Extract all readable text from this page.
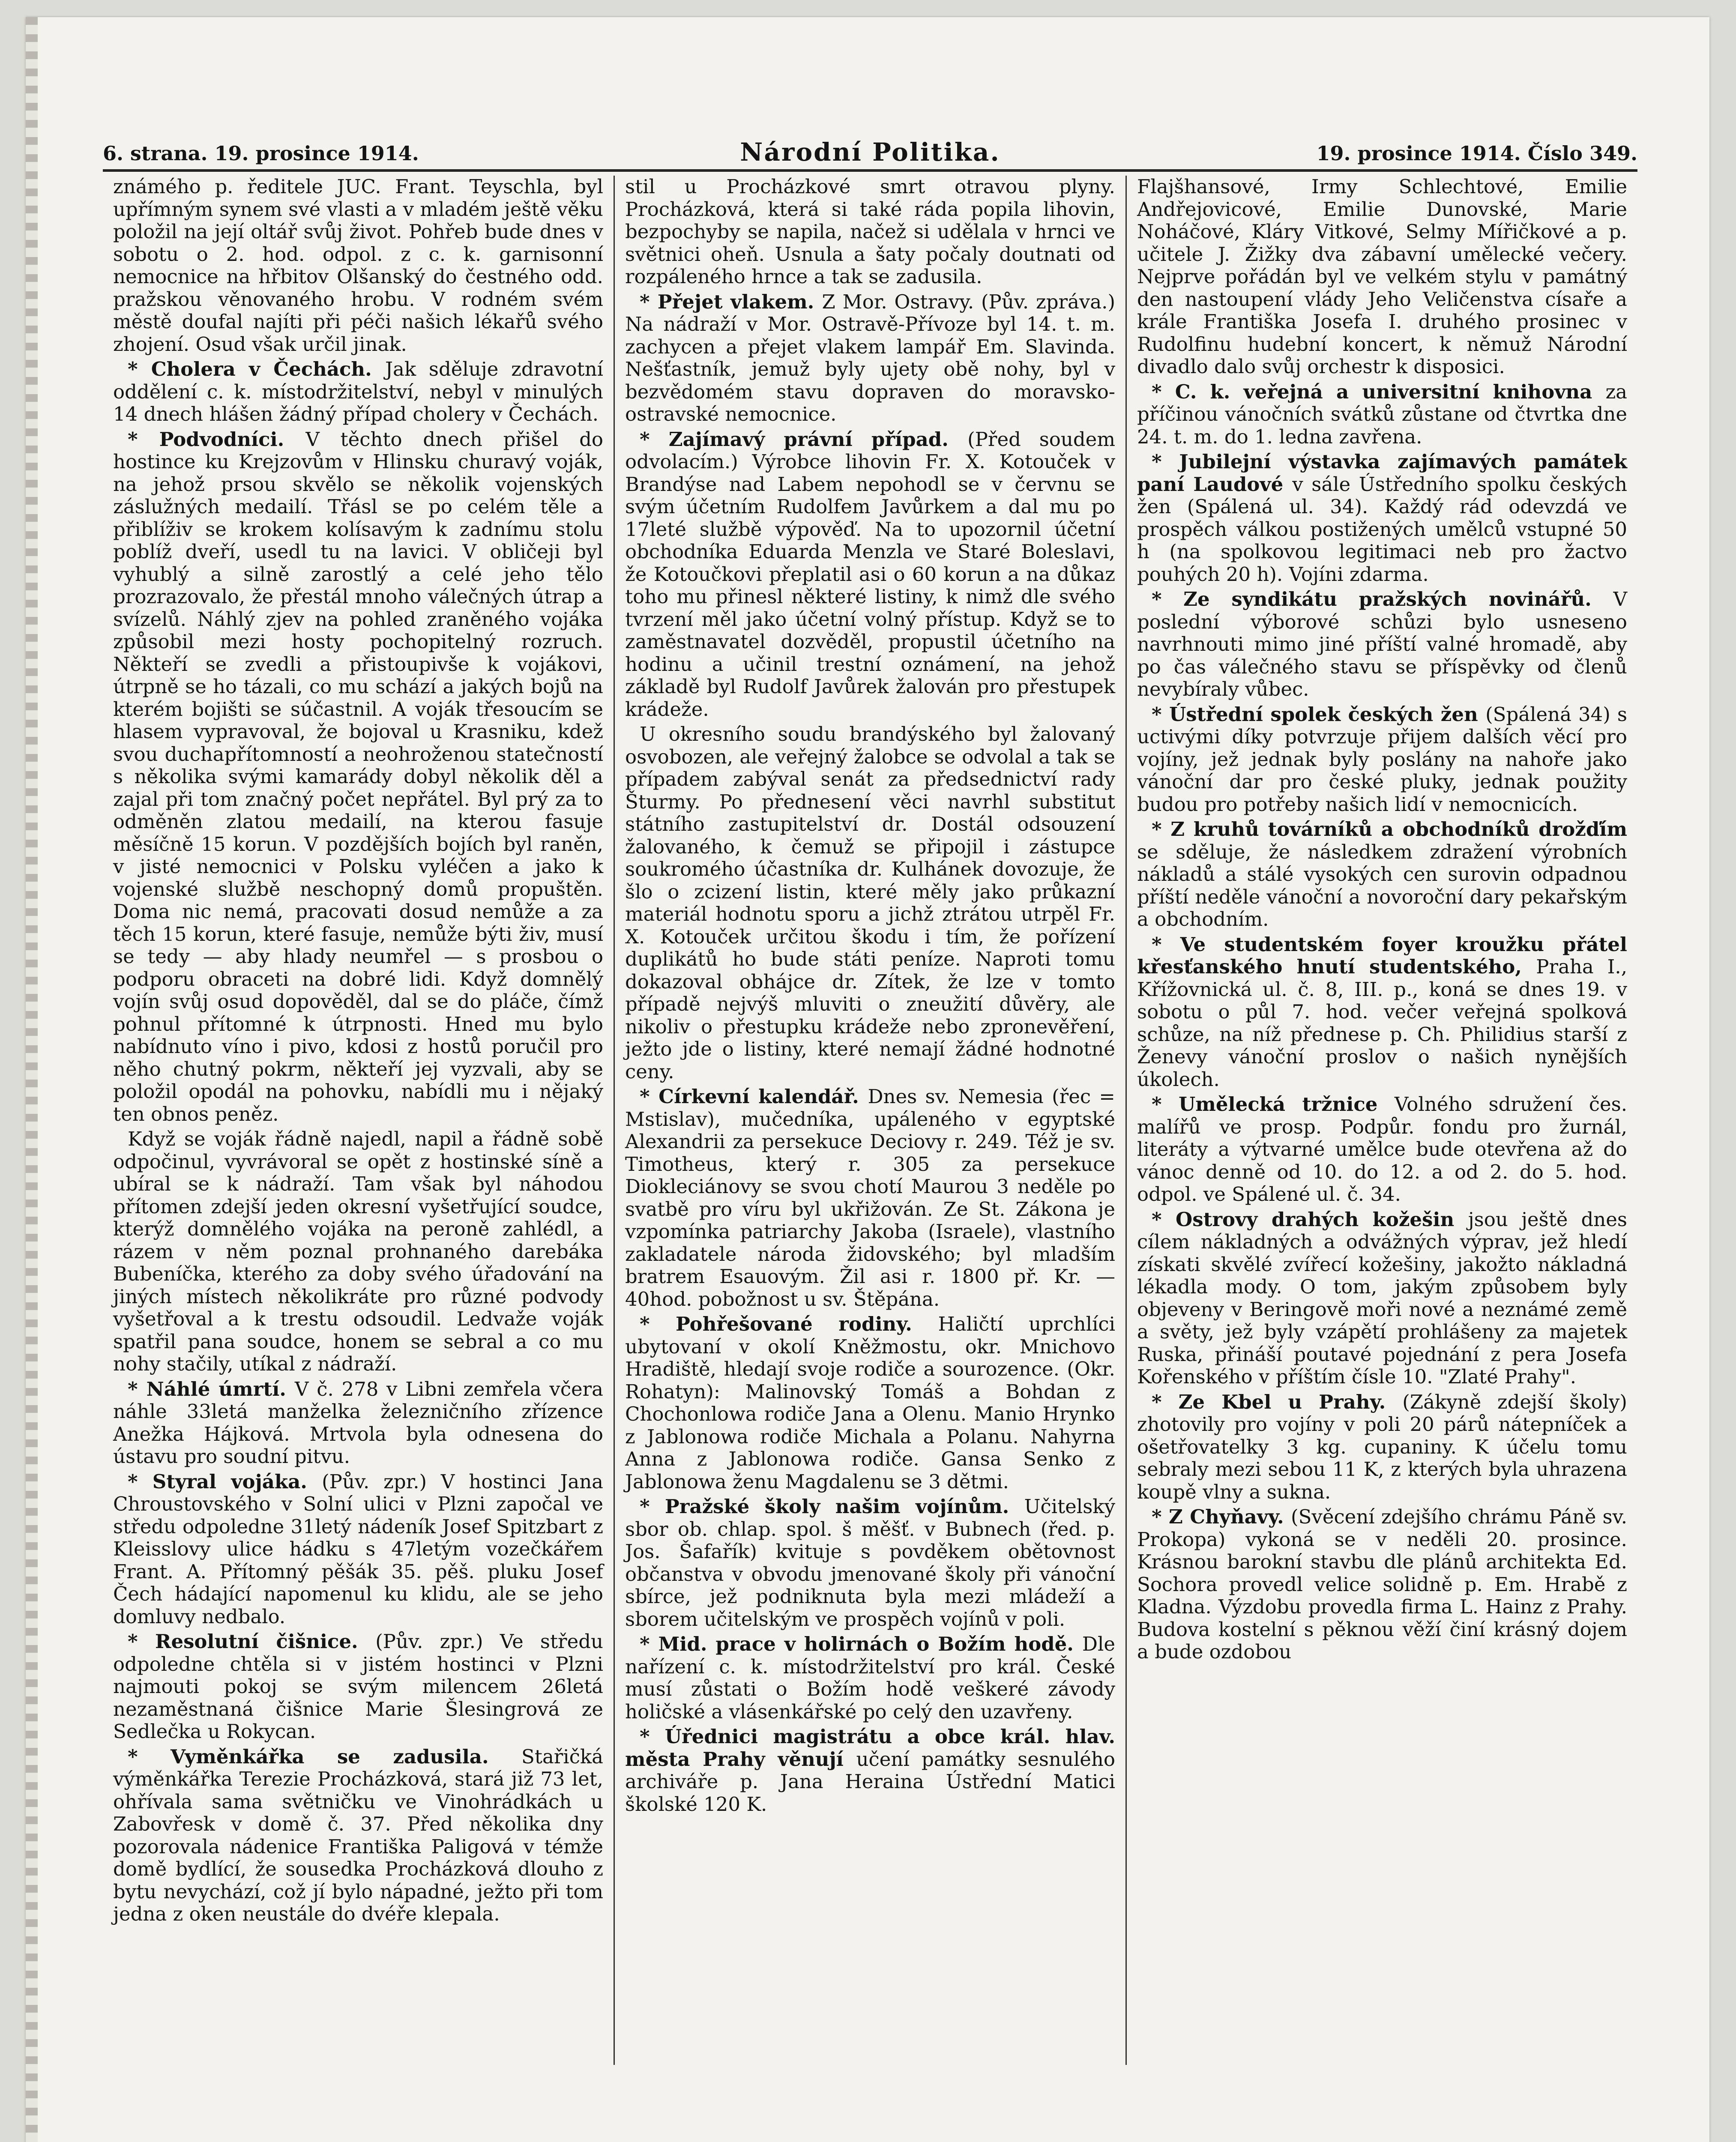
6. strana. 19. prosince 1914.	Národní Politika.	19. prosince 1914. Číslo 349.

známého p. ředitele JUC. Frant. Teyschla, byl upřímným synem své vlasti a v mladém ještě věku položil na její oltář svůj život. Pohřeb bude dnes v sobotu o 2. hod. odpol. z c. k. garnisonní nemocnice na hřbitov Olšanský do čestného odd. pražskou věnovaného hrobu. V rodném svém městě doufal najíti při péči našich lékařů svého zhojení. Osud však určil jinak.

* Cholera v Čechách. Jak sděluje zdravotní oddělení c. k. místodržitelství, nebyl v minulých 14 dnech hlášen žádný případ cholery v Čechách.

* Podvodníci. V těchto dnech přišel do hostince ku Krejzovům v Hlinsku churavý voják, na jehož prsou skvělo se několik vojenských záslužných medailí. Třásl se po celém těle a přiblíživ se krokem kolísavým k zadnímu stolu poblíž dveří, usedl tu na lavici. V obličeji byl vyhublý a silně zarostlý a celé jeho tělo prozrazovalo, že přestál mnoho válečných útrap a svízelů. Náhlý zjev na pohled zraněného vojáka způsobil mezi hosty pochopitelný rozruch. Někteří se zvedli a přistoupivše k vojákovi, útrpně se ho tázali, co mu schází a jakých bojů na kterém bojišti se súčastnil. A voják třesoucím se hlasem vypravoval, že bojoval u Krasniku, kdež svou duchapřítomností a neohroženou statečností s několika svými kamarády dobyl několik děl a zajal při tom značný počet nepřátel. Byl prý za to odměněn zlatou medailí, na kterou fasuje měsíčně 15 korun. V pozdějších bojích byl raněn, v jisté nemocnici v Polsku vyléčen a jako k vojenské službě neschopný domů propuštěn. Doma nic nemá, pracovati dosud nemůže a za těch 15 korun, které fasuje, nemůže býti živ, musí se tedy — aby hlady neumřel — s prosbou o podporu obraceti na dobré lidi. Když domnělý vojín svůj osud dopověděl, dal se do pláče, čímž pohnul přítomné k útrpnosti. Hned mu bylo nabídnuto víno i pivo, kdosi z hostů poručil pro něho chutný pokrm, někteří jej vyzvali, aby se položil opodál na pohovku, nabídli mu i nějaký ten obnos peněz.

Když se voják řádně najedl, napil a řádně sobě odpočinul, vyvrávoral se opět z hostinské síně a ubíral se k nádraží. Tam však byl náhodou přítomen zdejší jeden okresní vyšetřující soudce, kterýž domnělého vojáka na peroně zahlédl, a rázem v něm poznal prohnaného darebáka Bubeníčka, kterého za doby svého úřadování na jiných místech několikráte pro různé podvody vyšetřoval a k trestu odsoudil. Ledvaže voják spatřil pana soudce, honem se sebral a co mu nohy stačily, utíkal z nádraží.

* Náhlé úmrtí. V č. 278 v Libni zemřela včera náhle 33letá manželka železničního zřízence Anežka Hájková. Mrtvola byla odnesena do ústavu pro soudní pitvu.

* Styral vojáka. (Pův. zpr.) V hostinci Jana Chroustovského v Solní ulici v Plzni započal ve středu odpoledne 31letý nádeník Josef Spitzbart z Kleisslovy ulice hádku s 47letým vozečkářem Frant. A. Přítomný pěšák 35. pěš. pluku Josef Čech hádající napomenul ku klidu, ale se jeho domluvy nedbalo.

* Resolutní čišnice. (Pův. zpr.) Ve středu odpoledne chtěla si v jistém hostinci v Plzni najmouti pokoj se svým milencem 26letá nezaměstnaná čišnice Marie Šlesingrová ze Sedlečka u Rokycan.

* Vyměnkářka se zadusila. Stařičká výměnkářka Terezie Procházková, stará již 73 let, ohřívala sama světničku ve Vinohrádkách u Zabovřesk v domě č. 37. Před několika dny pozorovala nádenice Františka Paligová v témže domě bydlící, že sousedka Procházková dlouho z bytu nevychází, což jí bylo nápadné, ježto při tom jedna z oken neustále do dvéře klepala.

stil u Procházkové smrt otravou plyny. Procházková, která si také ráda popila lihovin, bezpochyby se napila, načež si udělala v hrnci ve světnici oheň. Usnula a šaty počaly doutnati od rozpáleného hrnce a tak se zadusila.

* Přejet vlakem. Z Mor. Ostravy. (Pův. zpráva.) Na nádraží v Mor. Ostravě-Přívoze byl 14. t. m. zachycen a přejet vlakem lampář Em. Slavinda. Nešťastník, jemuž byly ujety obě nohy, byl v bezvědomém stavu dopraven do moravsko-ostravské nemocnice.

* Zajímavý právní případ. (Před soudem odvolacím.) Výrobce lihovin Fr. X. Kotouček v Brandýse nad Labem nepohodl se v červnu se svým účetním Rudolfem Javůrkem a dal mu po 17leté službě výpověď. Na to upozornil účetní obchodníka Eduarda Menzla ve Staré Boleslavi, že Kotoučkovi přeplatil asi o 60 korun a na důkaz toho mu přinesl některé listiny, k nimž dle svého tvrzení měl jako účetní volný přístup. Když se to zaměstnavatel dozvěděl, propustil účetního na hodinu a učinil trestní oznámení, na jehož základě byl Rudolf Javůrek žalován pro přestupek krádeže.

U okresního soudu brandýského byl žalovaný osvobozen, ale veřejný žalobce se odvolal a tak se případem zabýval senát za předsednictví rady Šturmy. Po přednesení věci navrhl substitut státního zastupitelství dr. Dostál odsouzení žalovaného, k čemuž se připojil i zástupce soukromého účastníka dr. Kulhánek dovozuje, že šlo o zcizení listin, které měly jako průkazní materiál hodnotu sporu a jichž ztrátou utrpěl Fr. X. Kotouček určitou škodu i tím, že pořízení duplikátů ho bude státi peníze. Naproti tomu dokazoval obhájce dr. Zítek, že lze v tomto případě nejvýš mluviti o zneužití důvěry, ale nikoliv o přestupku krádeže nebo zpronevěření, ježto jde o listiny, které nemají žádné hodnotné ceny.

* Církevní kalendář. Dnes sv. Nemesia (řec = Mstislav), mučedníka, upáleného v egyptské Alexandrii za persekuce Deciovy r. 249. Též je sv. Timotheus, který r. 305 za persekuce Diokleciánovy se svou chotí Maurou 3 neděle po svatbě pro víru byl ukřižován. Ze St. Zákona je vzpomínka patriarchy Jakoba (Israele), vlastního zakladatele národa židovského; byl mladším bratrem Esauovým. Žil asi r. 1800 př. Kr. — 40hod. pobožnost u sv. Štěpána.

* Pohřešované rodiny. Haličtí uprchlíci ubytovaní v okolí Kněžmostu, okr. Mnichovo Hradiště, hledají svoje rodiče a sourozence. (Okr. Rohatyn): Malinovský Tomáš a Bohdan z Chochonlowa rodiče Jana a Olenu. Manio Hrynko z Jablonowa rodiče Michala a Polanu. Nahyrna Anna z Jablonowa rodiče. Gansa Senko z Jablonowa ženu Magdalenu se 3 dětmi.

* Pražské školy našim vojínům. Učitelský sbor ob. chlap. spol. š měšť. v Bubnech (řed. p. Jos. Šafařík) kvituje s povděkem obětovnost občanstva v obvodu jmenované školy při vánoční sbírce, jež podniknuta byla mezi mládeží a sborem učitelským ve prospěch vojínů v poli.

* Mid. prace v holirnách o Božím hodě. Dle nařízení c. k. místodržitelství pro král. České musí zůstati o Božím hodě veškeré závody holičské a vlásenkářské po celý den uzavřeny.

* Úřednici magistrátu a obce král. hlav. města Prahy věnují učení památky sesnulého archiváře p. Jana Herainа Ústřední Matici školské 120 K.

Flajšhansové, Irmy Schlechtové, Emilie Andřejovicové, Emilie Dunovské, Marie Noháčové, Kláry Vitkové, Selmy Mířičkové a p. učitele J. Žižky dva zábavní umělecké večery. Nejprve pořádán byl ve velkém stylu v památný den nastoupení vlády Jeho Veličenstva císaře a krále Františka Josefa I. druhého prosinec v Rudolfinu hudební koncert, k němuž Národní divadlo dalo svůj orchestr k disposici.

* C. k. veřejná a universitní knihovna za příčinou vánočních svátků zůstane od čtvrtka dne 24. t. m. do 1. ledna zavřena.

* Jubilejní výstavka zajímavých památek paní Laudové v sále Ústředního spolku českých žen (Spálená ul. 34). Každý rád odevzdá ve prospěch válkou postižených umělců vstupné 50 h (na spolkovou legitimaci neb pro žactvo pouhých 20 h). Vojíni zdarma.

* Ze syndikátu pražských novinářů. V poslední výborové schůzi bylo usneseno navrhnouti mimo jiné příští valné hromadě, aby po čas válečného stavu se příspěvky od členů nevybíraly vůbec.

* Ústřední spolek českých žen (Spálená 34) s uctivými díky potvrzuje přijem dalších věcí pro vojíny, jež jednak byly poslány na nahoře jako vánoční dar pro české pluky, jednak použity budou pro potřeby našich lidí v nemocnicích.

* Z kruhů továrníků a obchodníků drožďím se sděluje, že následkem zdražení výrobních nákladů a stálé vysokých cen surovin odpadnou příští neděle vánoční a novoroční dary pekařským a obchodním.

* Ve studentském foyer kroužku přátel křesťanského hnutí studentského, Praha I., Křížovnická ul. č. 8, III. p., koná se dnes 19. v sobotu o půl 7. hod. večer veřejná spolková schůze, na níž přednese p. Ch. Philidius starší z Ženevy vánoční proslov o našich nynějších úkolech.

* Umělecká tržnice Volného sdružení čes. malířů ve prosp. Podpůr. fondu pro žurnál, literáty a výtvarné umělce bude otevřena až do vánoc denně od 10. do 12. a od 2. do 5. hod. odpol. ve Spálené ul. č. 34.

* Ostrovy drahých kožešin jsou ještě dnes cílem nákladných a odvážných výprav, jež hledí získati skvělé zvířecí kožešiny, jakožto nákladná lékadla mody. O tom, jakým způsobem byly objeveny v Beringově moři nové a neznámé země a světy, jež byly vzápětí prohlášeny za majetek Ruska, přináší poutavé pojednání z pera Josefa Kořenského v příštím čísle 10. "Zlaté Prahy".

* Ze Kbel u Prahy. (Zákyně zdejší školy) zhotovily pro vojíny v poli 20 párů nátepníček a ošetřovatelky 3 kg. cupaniny. K účelu tomu sebraly mezi sebou 11 K, z kterých byla uhrazena koupě vlny a sukna.

* Z Chyňavy. (Svěcení zdejšího chrámu Páně sv. Prokopa) vykoná se v neděli 20. prosince. Krásnou barokní stavbu dle plánů architekta Ed. Sochora provedl velice solidně p. Em. Hrabě z Kladna. Výzdobu provedla firma L. Hainz z Prahy. Budova kostelní s pěknou věží činí krásný dojem a bude ozdobou
